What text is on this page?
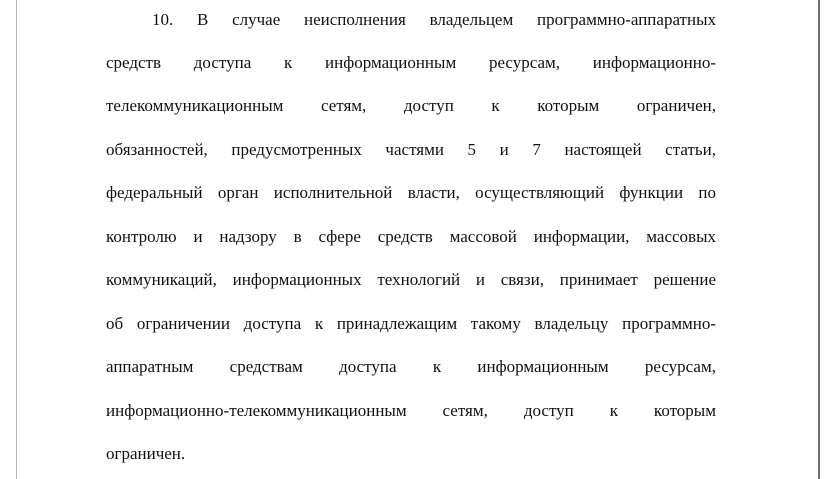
10. В случае неисполнения владельцем программно-аппаратных
средств доступа к информационным ресурсам, информационно-
телекоммуникационным сетям, доступ к которым ограничен,
обязанностей, предусмотренных частями 5 и 7 настоящей статьи,
федеральный орган исполнительной власти, осуществляющий функции по
контролю и надзору в сфере средств массовой информации, массовых
коммуникаций, информационных технологий и связи, принимает решение
об ограничении доступа к принадлежащим такому владельцу программно-
аппаратным средствам доступа к информационным ресурсам,
информационно-телекоммуникационным сетям, доступ к которым
ограничен.
